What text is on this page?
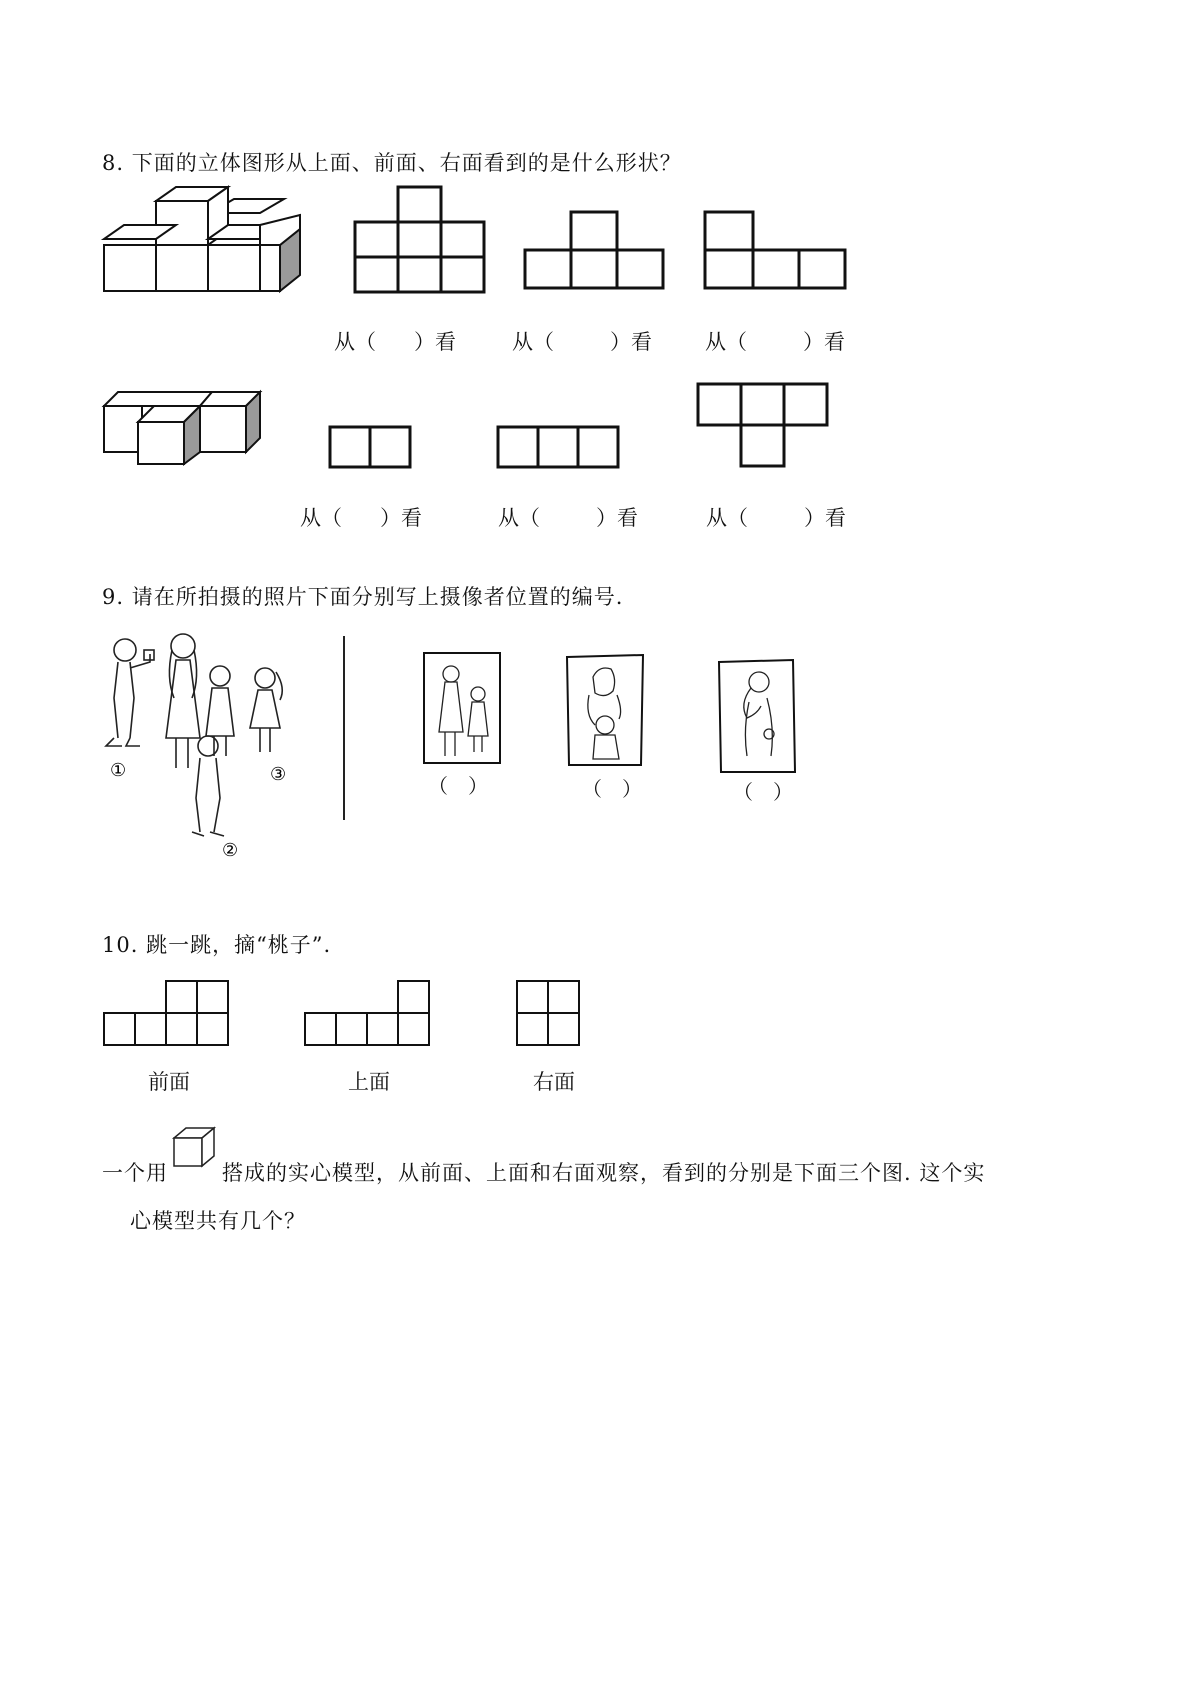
8. 下面的立体图形从上面、前面、右面看到的是什么形状？
从（ ）看	从（	）看	从（	）看
从（ ）看	从（	）看	从（	）看
9. 请在所拍摄的照片下面分别写上摄像者位置的编号.
①
②
③	（　）	（　）	（　）
10. 跳一跳，摘“桃子”.
前面	上面	右面
一个用	搭成的实心模型，从前面、上面和右面观察，看到的分别是下面三个图. 这个实
心模型共有几个？
